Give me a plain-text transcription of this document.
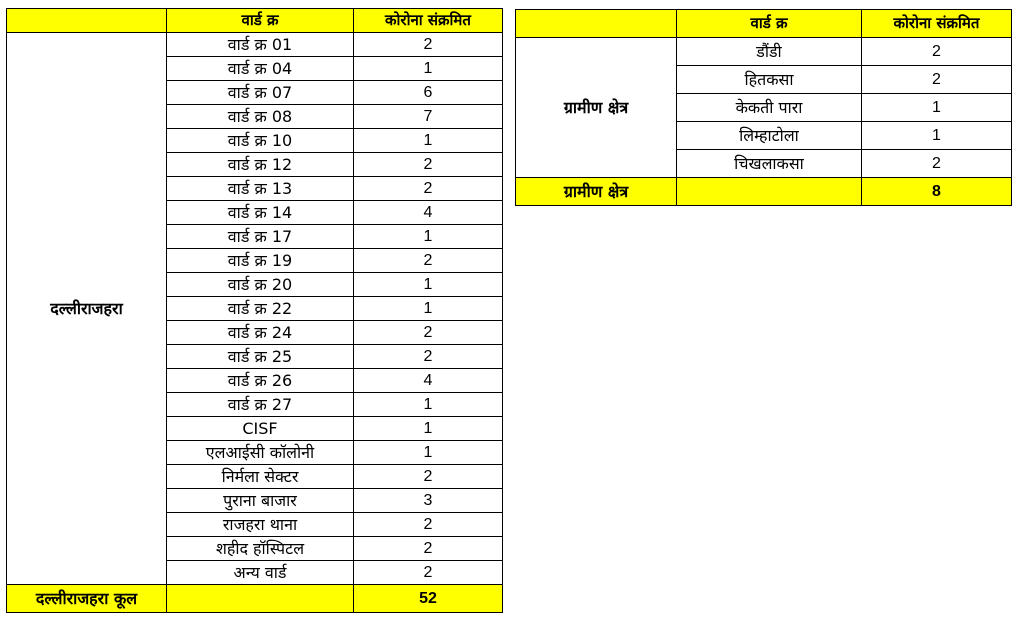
	वार्ड क्र	कोरोना संक्रमित
दल्लीराजहरा	वार्ड क्र 01	2
	वार्ड क्र 04	1
	वार्ड क्र 07	6
	वार्ड क्र 08	7
	वार्ड क्र 10	1
	वार्ड क्र 12	2
	वार्ड क्र 13	2
	वार्ड क्र 14	4
	वार्ड क्र 17	1
	वार्ड क्र 19	2
	वार्ड क्र 20	1
	वार्ड क्र 22	1
	वार्ड क्र 24	2
	वार्ड क्र 25	2
	वार्ड क्र 26	4
	वार्ड क्र 27	1
	CISF	1
	एलआईसी कॉलोनी	1
	निर्मला सेक्टर	2
	पुराना बाजार	3
	राजहरा थाना	2
	शहीद हॉस्पिटल	2
	अन्य वार्ड	2
दल्लीराजहरा कूल		52
	वार्ड क्र	कोरोना संक्रमित
ग्रामीण क्षेत्र	डौंडी	2
	हितकसा	2
	केकती पारा	1
	लिम्हाटोला	1
	चिखलाकसा	2
ग्रामीण क्षेत्र		8
